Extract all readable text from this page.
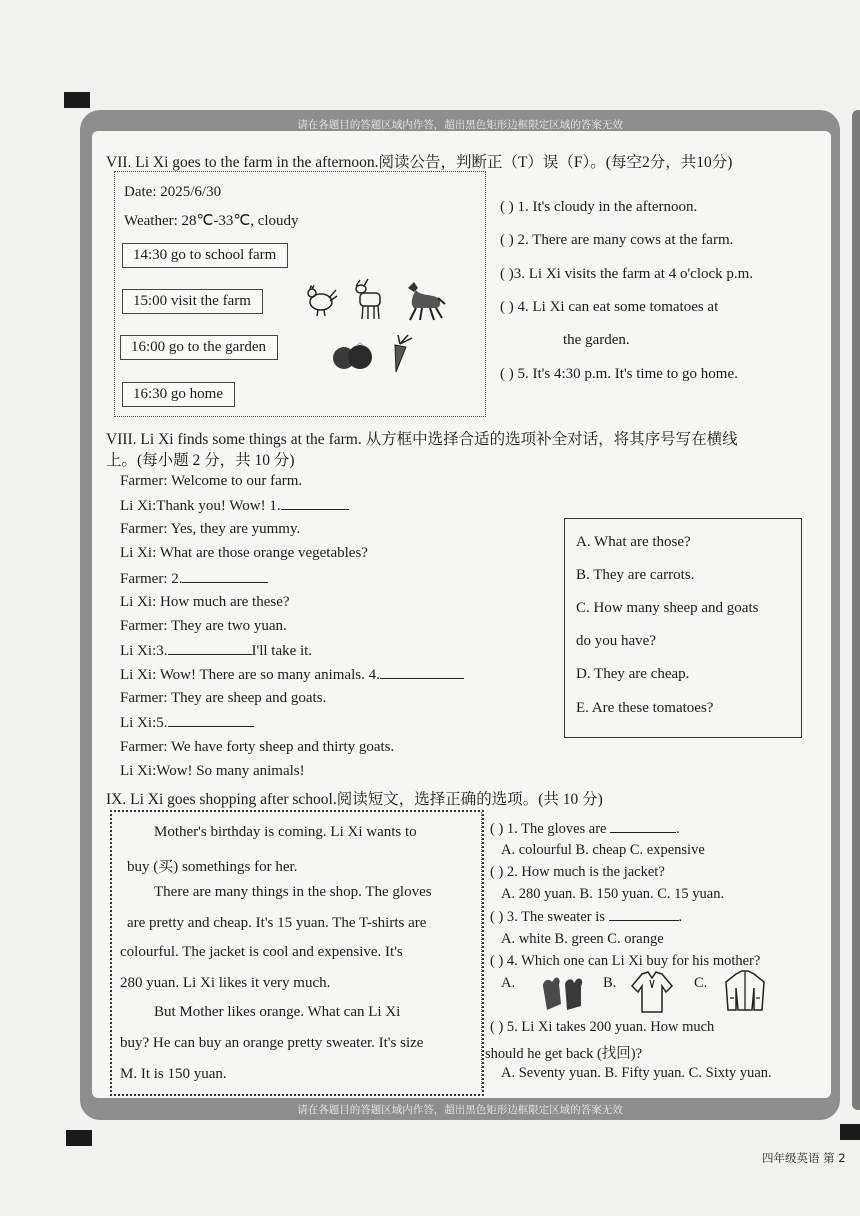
请在各题目的答题区域内作答，超出黑色矩形边框限定区域的答案无效
请在各题目的答题区域内作答，超出黑色矩形边框限定区域的答案无效
VII. Li Xi goes to the farm in the afternoon.阅读公告，判断正（T）误（F）。(每空2分，共10分)
Date: 2025/6/30
Weather: 28℃-33℃, cloudy
14:30 go to school farm
15:00 visit the farm
16:00 go to the garden
16:30 go home
( ) 1. It's cloudy in the afternoon.
( ) 2. There are many cows at the farm.
( )3. Li Xi visits the farm at 4 o'clock p.m.
( ) 4. Li Xi can eat some tomatoes at
the garden.
( ) 5. It's 4:30 p.m. It's time to go home.
VIII. Li Xi finds some things at the farm. 从方框中选择合适的选项补全对话，将其序号写在横线
上。(每小题 2 分，共 10 分)
Farmer: Welcome to our farm.
Li Xi:Thank you! Wow! 1.
Farmer: Yes, they are yummy.
Li Xi: What are those orange vegetables?
Farmer: 2.
Li Xi: How much are these?
Farmer: They are two yuan.
Li Xi:3.	I'll take it.
Li Xi: Wow! There are so many animals. 4.
Farmer: They are sheep and goats.
Li Xi:5.
Farmer: We have forty sheep and thirty goats.
Li Xi:Wow! So many animals!
A. What are those?
B. They are carrots.
C. How many sheep and goats
do you have?
D. They are cheap.
E. Are these tomatoes?
IX. Li Xi goes shopping after school.阅读短文，选择正确的选项。(共 10 分)
Mother's birthday is coming. Li Xi wants to
buy (买) somethings for her.
There are many things in the shop. The gloves
are pretty and cheap. It's 15 yuan. The T-shirts are
colourful. The jacket is cool and expensive. It's
280 yuan. Li Xi likes it very much.
But Mother likes orange. What can Li Xi
buy? He can buy an orange pretty sweater. It's size
M. It is 150 yuan.
( ) 1. The gloves are	.
A. colourful B. cheap C. expensive
( ) 2. How much is the jacket?
A. 280 yuan. B. 150 yuan. C. 15 yuan.
( ) 3. The sweater is	.
A. white B. green C. orange
( ) 4. Which one can Li Xi buy for his mother?
A.	B.	C.
( ) 5. Li Xi takes 200 yuan. How much
should he get back (找回)?
A. Seventy yuan. B. Fifty yuan. C. Sixty yuan.
四年级英语 第 2
